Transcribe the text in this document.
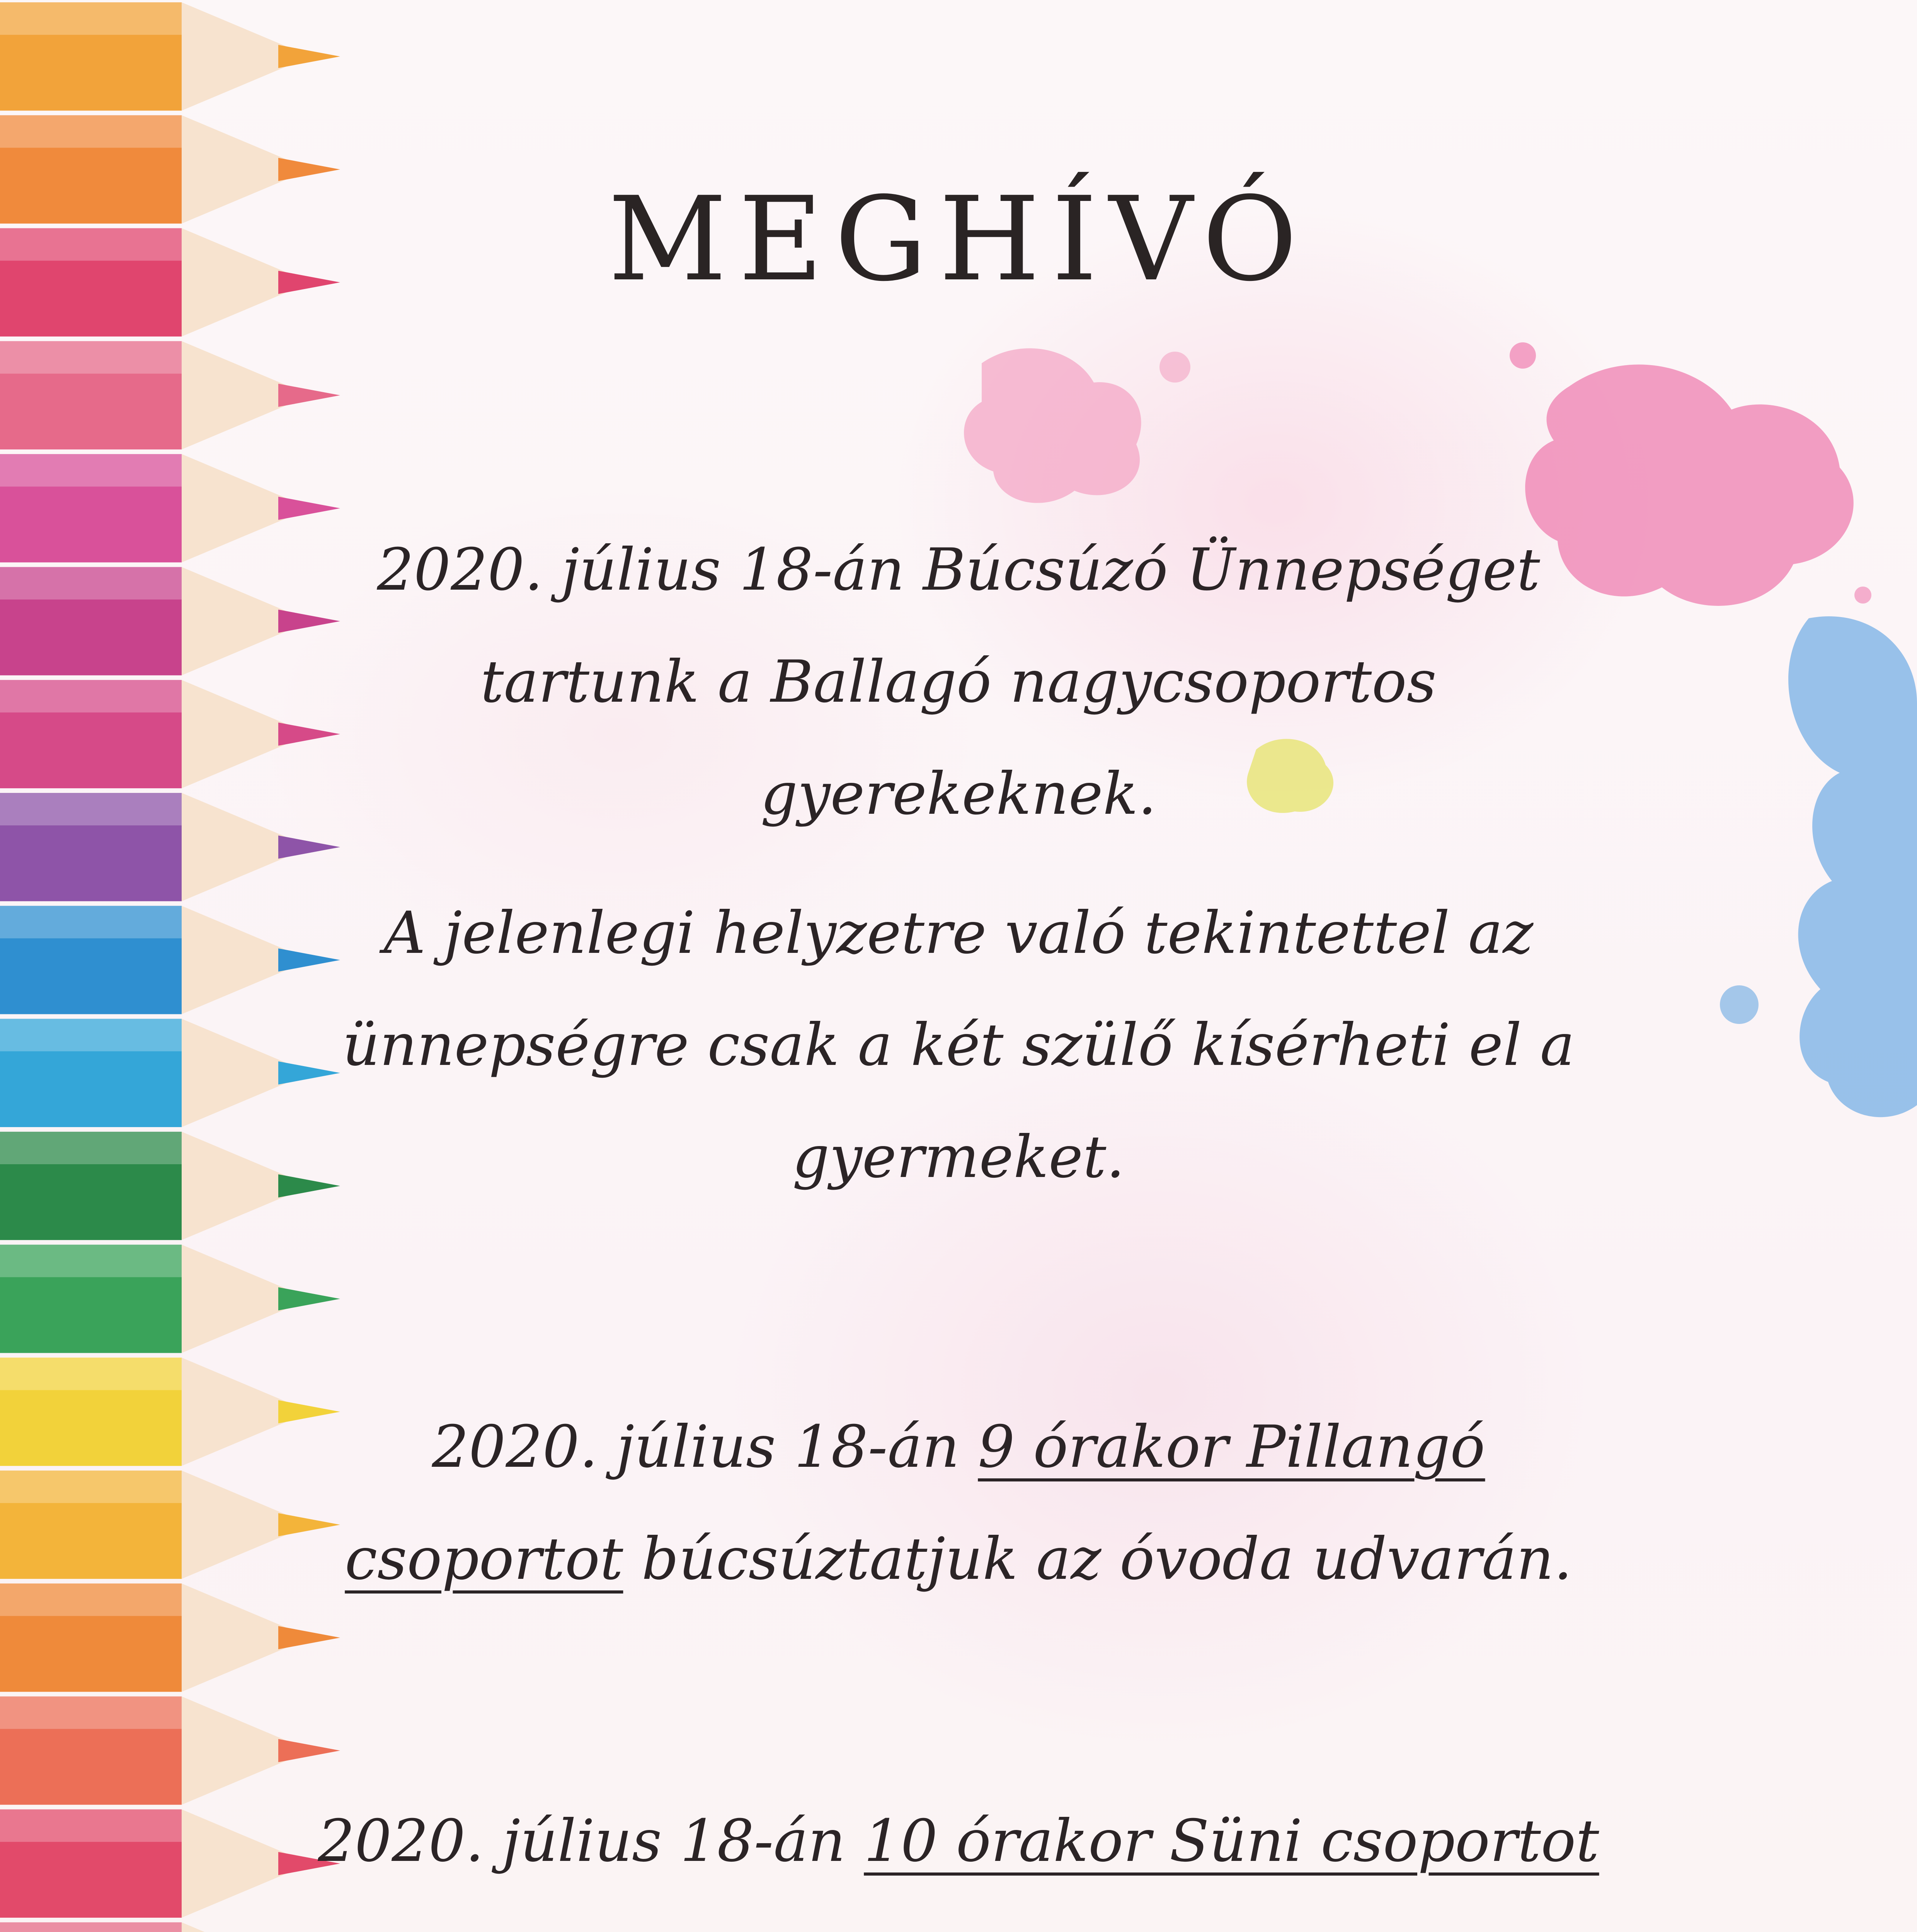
MEGHÍVÓ
2020. július 18-án Búcsúzó Ünnepséget
tartunk a Ballagó nagycsoportos
gyerekeknek.
A jelenlegi helyzetre való tekintettel az
ünnepségre csak a két szülő kísérheti el a
gyermeket.
2020. július 18-án 9 órakor Pillangó
csoportot búcsúztatjuk az óvoda udvarán.
2020. július 18-án 10 órakor Süni csoportot
